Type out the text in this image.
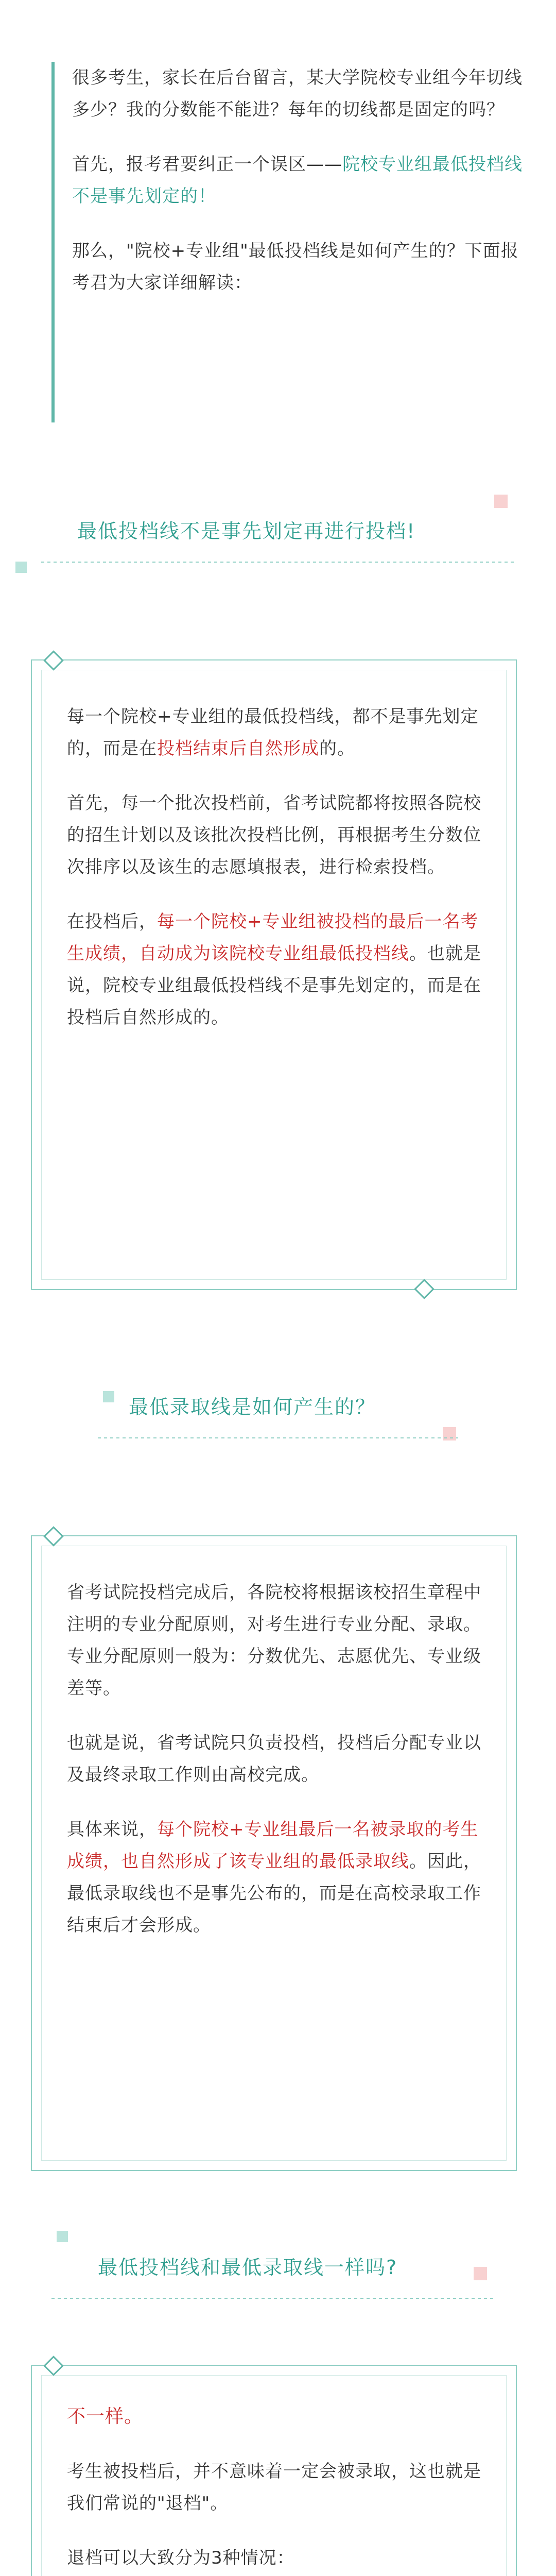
很多考生，家长在后台留言，某大学院校专业组今年切线多少？我的分数能不能进？每年的切线都是固定的吗？

首先，报考君要纠正一个误区——院校专业组最低投档线不是事先划定的！

那么，"院校+专业组"最低投档线是如何产生的？下面报考君为大家详细解读：

最低投档线不是事先划定再进行投档!

每一个院校+专业组的最低投档线，都不是事先划定的，而是在投档结束后自然形成的。

首先，每一个批次投档前，省考试院都将按照各院校的招生计划以及该批次投档比例，再根据考生分数位次排序以及该生的志愿填报表，进行检索投档。

在投档后，每一个院校+专业组被投档的最后一名考生成绩，自动成为该院校专业组最低投档线。也就是说，院校专业组最低投档线不是事先划定的，而是在投档后自然形成的。

最低录取线是如何产生的？

省考试院投档完成后，各院校将根据该校招生章程中注明的专业分配原则，对考生进行专业分配、录取。专业分配原则一般为：分数优先、志愿优先、专业级差等。

也就是说，省考试院只负责投档，投档后分配专业以及最终录取工作则由高校完成。

具体来说，每个院校+专业组最后一名被录取的考生成绩，也自然形成了该专业组的最低录取线。因此，最低录取线也不是事先公布的，而是在高校录取工作结束后才会形成。

最低投档线和最低录取线一样吗?

不一样。

考生被投档后，并不意味着一定会被录取，这也就是我们常说的"退档"。

退档可以大致分为3种情况：
